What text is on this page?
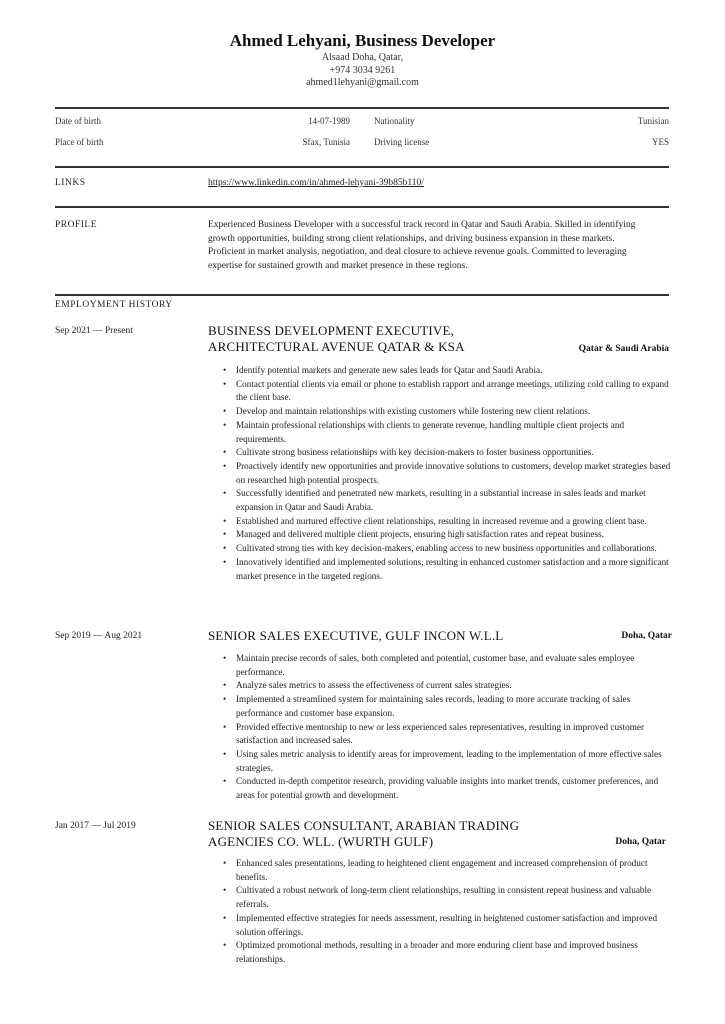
Ahmed Lehyani, Business Developer
Alsaad Doha, Qatar,
+974 3034 9261
ahmed1lehyani@gmail.com
Date of birth	14-07-1989	Nationality	Tunisian
Place of birth	Sfax, Tunisia	Driving license	YES
LINKS	https://www.linkedin.com/in/ahmed-lehyani-39b85b110/
PROFILE	Experienced Business Developer with a successful track record in Qatar and Saudi Arabia. Skilled in identifying
growth opportunities, building strong client relationships, and driving business expansion in these markets.
Proficient in market analysis, negotiation, and deal closure to achieve revenue goals. Committed to leveraging
expertise for sustained growth and market presence in these regions.
EMPLOYMENT HISTORY
Sep 2021 — Present	BUSINESS DEVELOPMENT EXECUTIVE,
ARCHITECTURAL AVENUE QATAR & KSA	Qatar & Saudi Arabia
• Identify potential markets and generate new sales leads for Qatar and Saudi Arabia.
• Contact potential clients via email or phone to establish rapport and arrange meetings, utilizing cold calling to expand the client base.
• Develop and maintain relationships with existing customers while fostering new client relations.
• Maintain professional relationships with clients to generate revenue, handling multiple client projects and requirements.
• Cultivate strong business relationships with key decision-makers to foster business opportunities.
• Proactively identify new opportunities and provide innovative solutions to customers, develop market strategies based on researched high potential prospects.
• Successfully identified and penetrated new markets, resulting in a substantial increase in sales leads and market expansion in Qatar and Saudi Arabia.
• Established and nurtured effective client relationships, resulting in increased revenue and a growing client base.
• Managed and delivered multiple client projects, ensuring high satisfaction rates and repeat business.
• Cultivated strong ties with key decision-makers, enabling access to new business opportunities and collaborations.
• Innovatively identified and implemented solutions, resulting in enhanced customer satisfaction and a more significant market presence in the targeted regions.
Sep 2019 — Aug 2021	SENIOR SALES EXECUTIVE, GULF INCON W.L.L	Doha, Qatar
• Maintain precise records of sales, both completed and potential, customer base, and evaluate sales employee performance.
• Analyze sales metrics to assess the effectiveness of current sales strategies.
• Implemented a streamlined system for maintaining sales records, leading to more accurate tracking of sales performance and customer base expansion.
• Provided effective mentorship to new or less experienced sales representatives, resulting in improved customer satisfaction and increased sales.
• Using sales metric analysis to identify areas for improvement, leading to the implementation of more effective sales strategies.
• Conducted in-depth competitor research, providing valuable insights into market trends, customer preferences, and areas for potential growth and development.
Jan 2017 — Jul 2019	SENIOR SALES CONSULTANT, ARABIAN TRADING
AGENCIES CO. WLL. (WURTH GULF)	Doha, Qatar
• Enhanced sales presentations, leading to heightened client engagement and increased comprehension of product benefits.
• Cultivated a robust network of long-term client relationships, resulting in consistent repeat business and valuable referrals.
• Implemented effective strategies for needs assessment, resulting in heightened customer satisfaction and improved solution offerings.
• Optimized promotional methods, resulting in a broader and more enduring client base and improved business relationships.
